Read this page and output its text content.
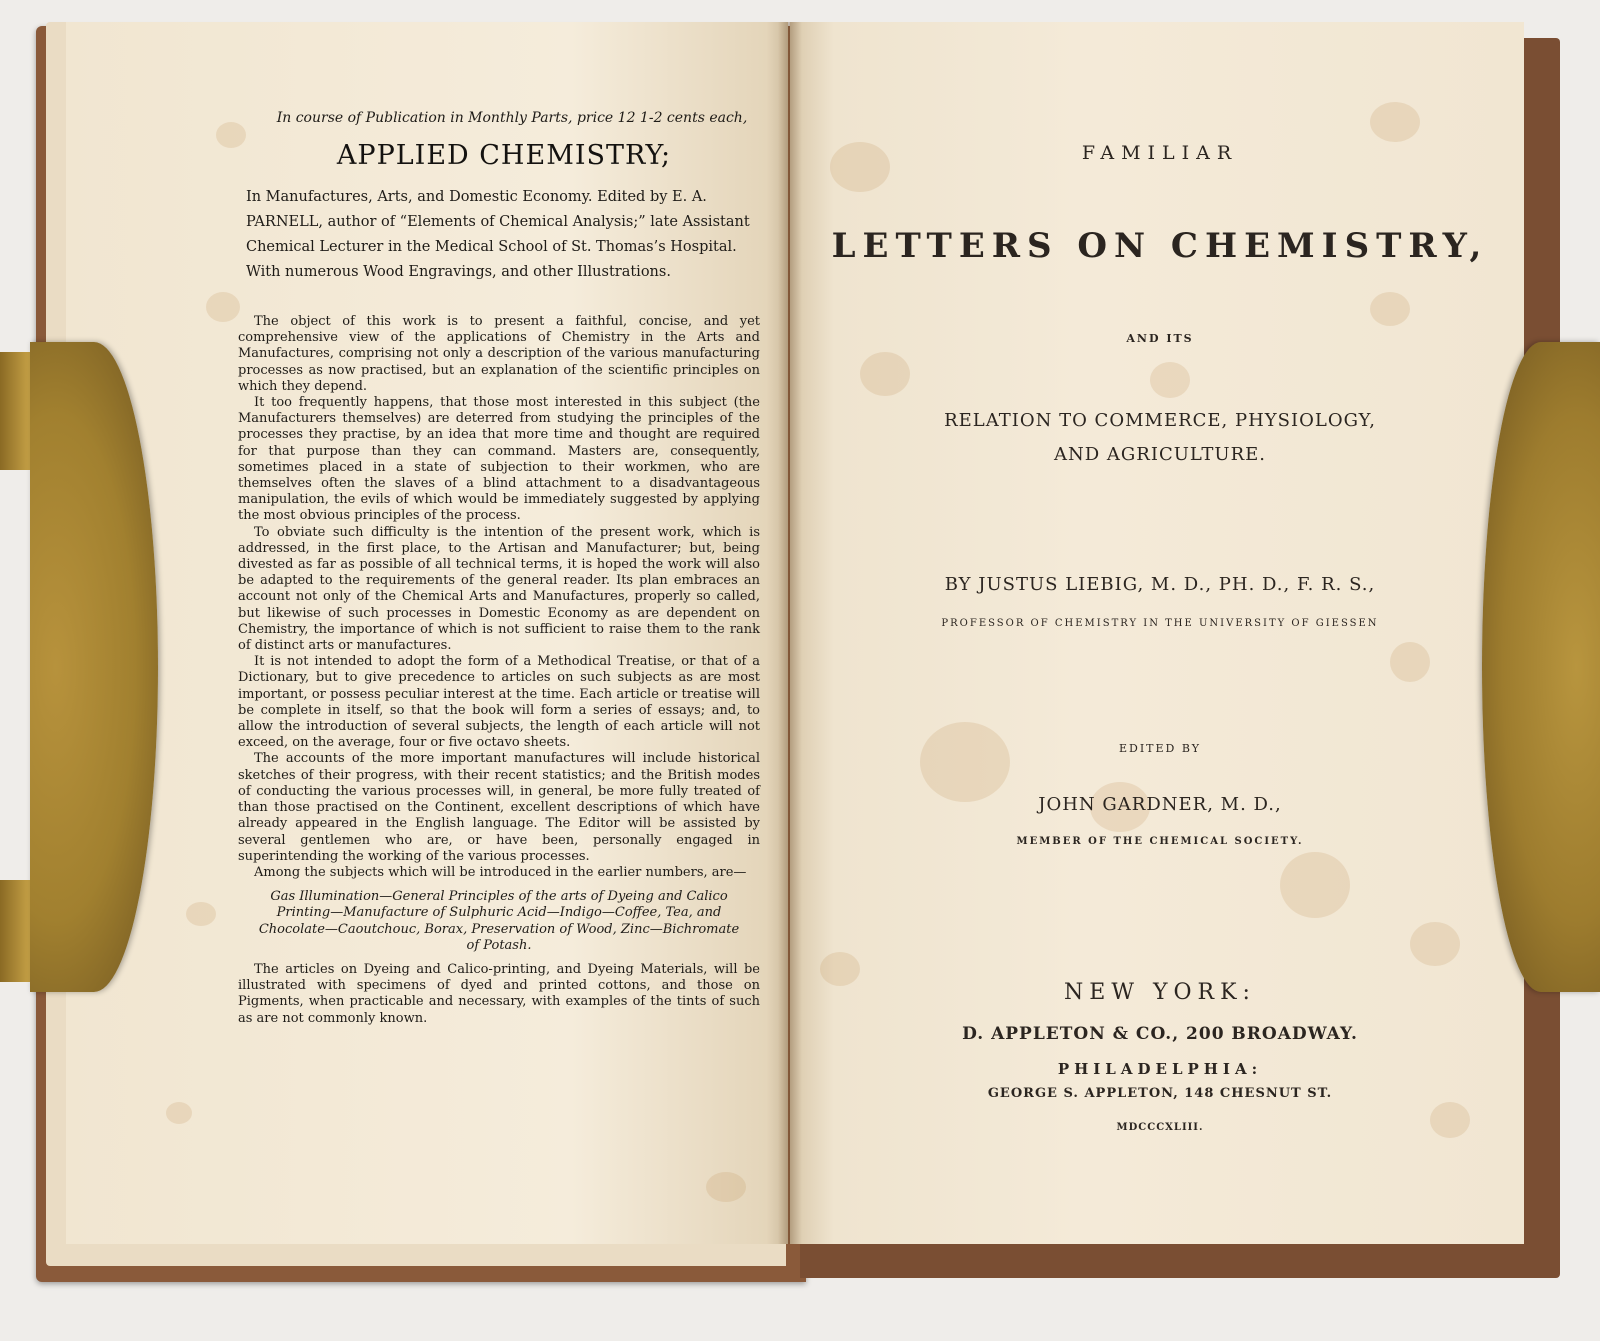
In course of Publication in Monthly Parts, price 12 1-2 cents each,
APPLIED CHEMISTRY;
In Manufactures, Arts, and Domestic Economy. Edited by E. A. PARNELL, author of “Elements of Chemical Analysis;” late Assistant Chemical Lecturer in the Medical School of St. Thomas’s Hospital. With numerous Wood Engravings, and other Illustrations.

The object of this work is to present a faithful, concise, and yet comprehensive view of the applications of Chemistry in the Arts and Manufactures, comprising not only a description of the various manufacturing processes as now practised, but an explanation of the scientific principles on which they depend.

It too frequently happens, that those most interested in this subject (the Manufacturers themselves) are deterred from studying the principles of the processes they practise, by an idea that more time and thought are required for that purpose than they can command. Masters are, consequently, sometimes placed in a state of subjection to their workmen, who are themselves often the slaves of a blind attachment to a disadvantageous manipulation, the evils of which would be immediately suggested by applying the most obvious principles of the process.

To obviate such difficulty is the intention of the present work, which is addressed, in the first place, to the Artisan and Manufacturer; but, being divested as far as possible of all technical terms, it is hoped the work will also be adapted to the requirements of the general reader. Its plan embraces an account not only of the Chemical Arts and Manufactures, properly so called, but likewise of such processes in Domestic Economy as are dependent on Chemistry, the importance of which is not sufficient to raise them to the rank of distinct arts or manufactures.

It is not intended to adopt the form of a Methodical Treatise, or that of a Dictionary, but to give precedence to articles on such subjects as are most important, or possess peculiar interest at the time. Each article or treatise will be complete in itself, so that the book will form a series of essays; and, to allow the introduction of several subjects, the length of each article will not exceed, on the average, four or five octavo sheets.

The accounts of the more important manufactures will include historical sketches of their progress, with their recent statistics; and the British modes of conducting the various processes will, in general, be more fully treated of than those practised on the Continent, excellent descriptions of which have already appeared in the English language. The Editor will be assisted by several gentlemen who are, or have been, personally engaged in superintending the working of the various processes.

Among the subjects which will be introduced in the earlier numbers, are—

Gas Illumination—General Principles of the arts of Dyeing and Calico Printing—Manufacture of Sulphuric Acid—Indigo—Coffee, Tea, and Chocolate—Caoutchouc, Borax, Preservation of Wood, Zinc—Bichromate of Potash.

The articles on Dyeing and Calico-printing, and Dyeing Materials, will be illustrated with specimens of dyed and printed cottons, and those on Pigments, when practicable and necessary, with examples of the tints of such as are not commonly known.

FAMILIAR
LETTERS ON CHEMISTRY,
AND ITS
RELATION TO COMMERCE, PHYSIOLOGY,
AND AGRICULTURE.
BY JUSTUS LIEBIG, M. D., PH. D., F. R. S.,
PROFESSOR OF CHEMISTRY IN THE UNIVERSITY OF GIESSEN
EDITED BY
JOHN GARDNER, M. D.,
MEMBER OF THE CHEMICAL SOCIETY.
NEW YORK:
D. APPLETON & CO., 200 BROADWAY.
PHILADELPHIA:
GEORGE S. APPLETON, 148 CHESNUT ST.
MDCCCXLIII.
